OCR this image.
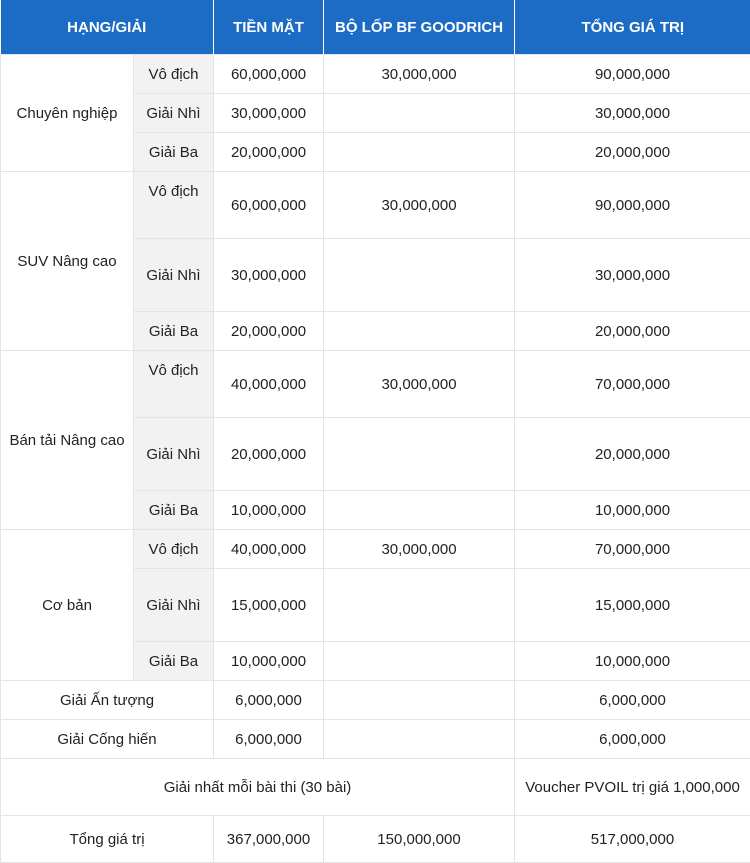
HẠNG/GIẢI		TIỀN MẶT	BỘ LỐP BF GOODRICH	TỔNG GIÁ TRỊ
Chuyên nghiệp	Vô địch	60,000,000	30,000,000	90,000,000
	Giải Nhì	30,000,000		30,000,000
	Giải Ba	20,000,000		20,000,000
SUV Nâng cao	Vô địch	60,000,000	30,000,000	90,000,000
	Giải Nhì	30,000,000		30,000,000
	Giải Ba	20,000,000		20,000,000
Bán tải Nâng cao	Vô địch	40,000,000	30,000,000	70,000,000
	Giải Nhì	20,000,000		20,000,000
	Giải Ba	10,000,000		10,000,000
Cơ bản	Vô địch	40,000,000	30,000,000	70,000,000
	Giải Nhì	15,000,000		15,000,000
	Giải Ba	10,000,000		10,000,000
Giải Ấn tượng		6,000,000		6,000,000
Giải Cống hiến		6,000,000		6,000,000
Giải nhất mỗi bài thi (30 bài)				Voucher PVOIL trị giá 1,000,000
Tổng giá trị		367,000,000	150,000,000	517,000,000
